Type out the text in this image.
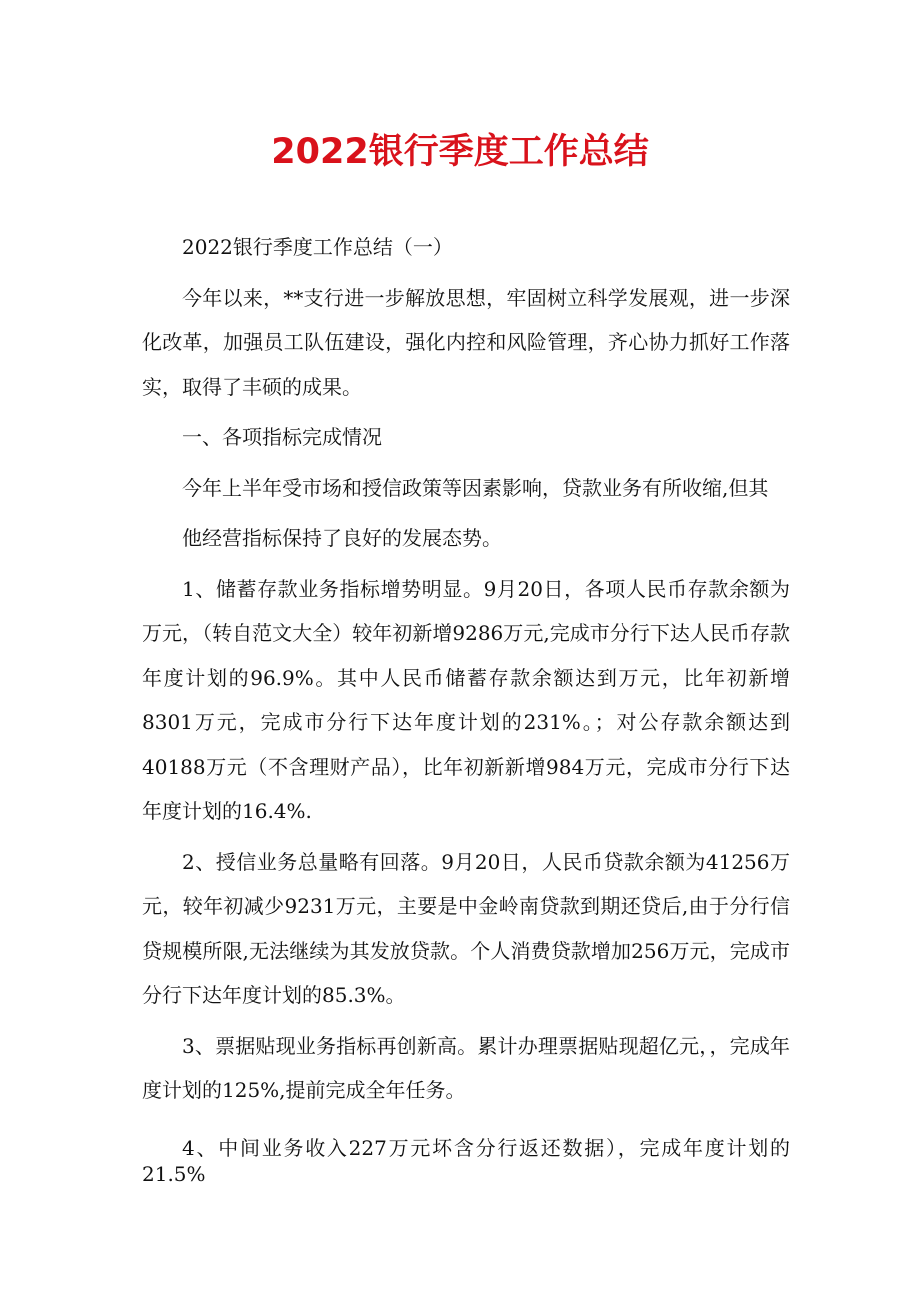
2022银行季度工作总结

2022银行季度工作总结（一）

今年以来，**支行进一步解放思想，牢固树立科学发展观，进一步深化改革，加强员工队伍建设，强化内控和风险管理，齐心协力抓好工作落实，取得了丰硕的成果。

一、各项指标完成情况

今年上半年受市场和授信政策等因素影响，贷款业务有所收缩,但其

他经营指标保持了良好的发展态势。

1、储蓄存款业务指标增势明显。9月20日，各项人民币存款余额为万元，（转自范文大全）较年初新增9286万元,完成市分行下达人民币存款年度计划的96.9%。其中人民币储蓄存款余额达到万元，比年初新增8301万元，完成市分行下达年度计划的231%。；对公存款余额达到40188万元（不含理财产品），比年初新新增984万元，完成市分行下达年度计划的16.4%.

2、授信业务总量略有回落。9月20日，人民币贷款余额为41256万元，较年初减少9231万元，主要是中金岭南贷款到期还贷后,由于分行信贷规模所限,无法继续为其发放贷款。个人消费贷款增加256万元，完成市分行下达年度计划的85.3%。

3、票据贴现业务指标再创新高。累计办理票据贴现超亿元，，完成年度计划的125%,提前完成全年任务。

4、中间业务收入227万元坏含分行返还数据），完成年度计划的21.5%
